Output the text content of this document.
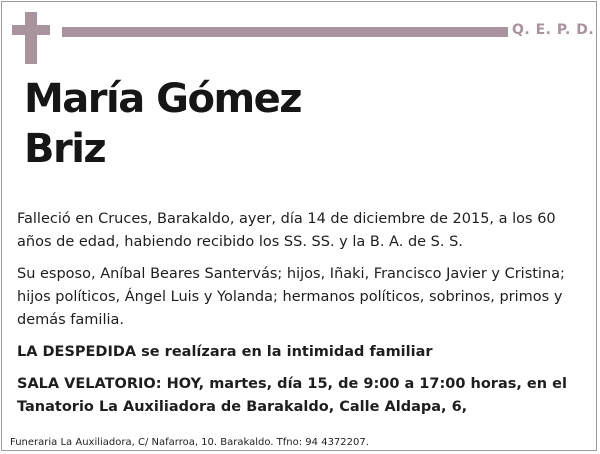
Q. E. P. D.
María Gómez
Briz

Falleció en Cruces, Barakaldo, ayer, día 14 de diciembre de 2015, a los 60 años de edad, habiendo recibido los SS. SS. y la B. A. de S. S.

Su esposo, Aníbal Beares Santervás; hijos, Iñaki, Francisco Javier y Cristina; hijos políticos, Ángel Luis y Yolanda; hermanos políticos, sobrinos, primos y demás familia.

LA DESPEDIDA se realízara en la intimidad familiar

SALA VELATORIO: HOY, martes, día 15, de 9:00 a 17:00 horas, en el Tanatorio La Auxiliadora de Barakaldo, Calle Aldapa, 6,

Funeraria La Auxiliadora, C/ Nafarroa, 10. Barakaldo. Tfno: 94 4372207.
